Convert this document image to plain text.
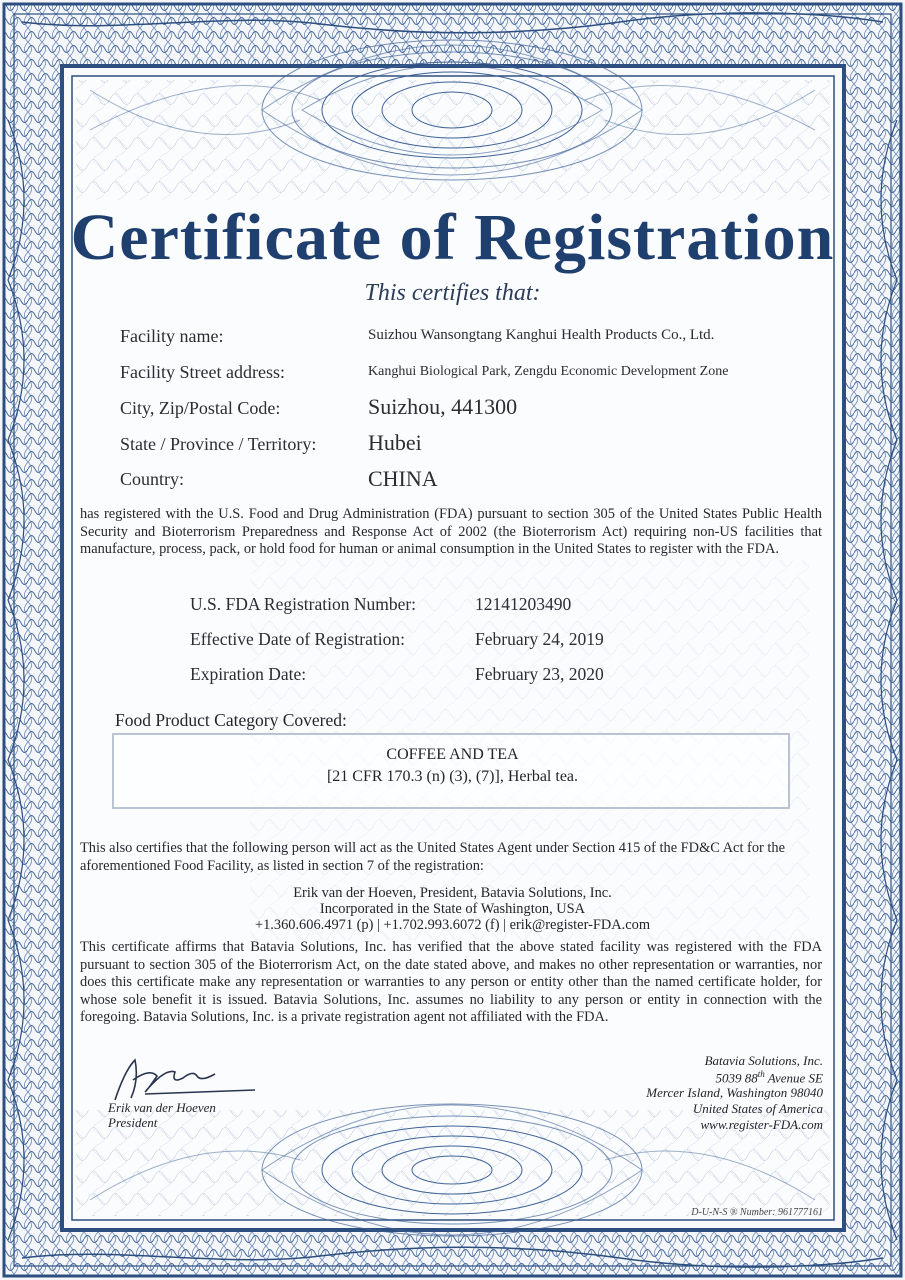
Certificate of Registration
This certifies that:
Facility name:	Suizhou Wansongtang Kanghui Health Products Co., Ltd.
Facility Street address:	Kanghui Biological Park, Zengdu Economic Development Zone
City, Zip/Postal Code:	Suizhou, 441300
State / Province / Territory: Hubei
Country:	CHINA

has registered with the U.S. Food and Drug Administration (FDA) pursuant to section 305 of the United States Public Health Security and Bioterrorism Preparedness and Response Act of 2002 (the Bioterrorism Act) requiring non-US facilities that manufacture, process, pack, or hold food for human or animal consumption in the United States to register with the FDA.

U.S. FDA Registration Number:	12141203490
Effective Date of Registration:	February 24, 2019
Expiration Date:	February 23, 2020
Food Product Category Covered:
COFFEE AND TEA
[21 CFR 170.3 (n) (3), (7)], Herbal tea.

This also certifies that the following person will act as the United States Agent under Section 415 of the FD&C Act for the aforementioned Food Facility, as listed in section 7 of the registration:

Erik van der Hoeven, President, Batavia Solutions, Inc.
Incorporated in the State of Washington, USA
+1.360.606.4971 (p) | +1.702.993.6072 (f) | erik@register-FDA.com

This certificate affirms that Batavia Solutions, Inc. has verified that the above stated facility was registered with the FDA pursuant to section 305 of the Bioterrorism Act, on the date stated above, and makes no other representation or warranties, nor does this certificate make any representation or warranties to any person or entity other than the named certificate holder, for whose sole benefit it is issued. Batavia Solutions, Inc. assumes no liability to any person or entity in connection with the foregoing. Batavia Solutions, Inc. is a private registration agent not affiliated with the FDA.

Erik van der Hoeven
President
Batavia Solutions, Inc.
5039 88th Avenue SE
Mercer Island, Washington 98040
United States of America
www.register-FDA.com
D-U-N-S ® Number: 961777161
